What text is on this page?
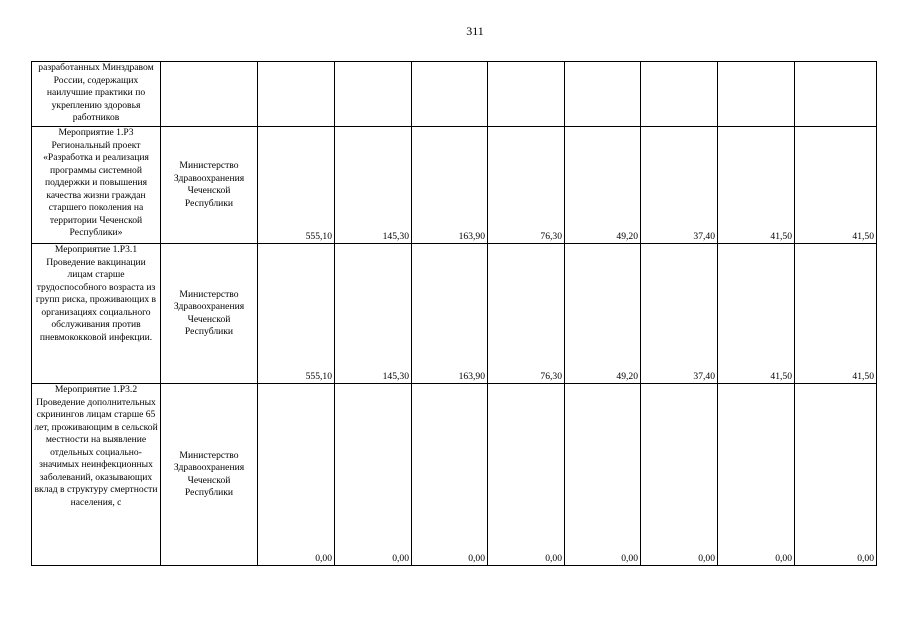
311
разработанных Минздравом России, содержащих наилучшие практики по укреплению здоровья работников									
Мероприятие 1.Р3 Региональный проект «Разработка и реализация программы системной поддержки и повышения качества жизни граждан старшего поколения на территории Чеченской Республики»	Министерство Здравоохранения Чеченской Республики	555,10	145,30	163,90	76,30	49,20	37,40	41,50	41,50
Мероприятие 1.Р3.1 Проведение вакцинации лицам старше трудоспособного возраста из групп риска, проживающих в организациях социального обслуживания против пневмококковой инфекции.	Министерство Здравоохранения Чеченской Республики	555,10	145,30	163,90	76,30	49,20	37,40	41,50	41,50
Мероприятие 1.Р3.2 Проведение дополнительных скринингов лицам старше 65 лет, проживающим в сельской местности на выявление отдельных социально-значимых неинфекционных заболеваний, оказывающих вклад в структуру смертности населения, с	Министерство Здравоохранения Чеченской Республики	0,00	0,00	0,00	0,00	0,00	0,00	0,00	0,00
